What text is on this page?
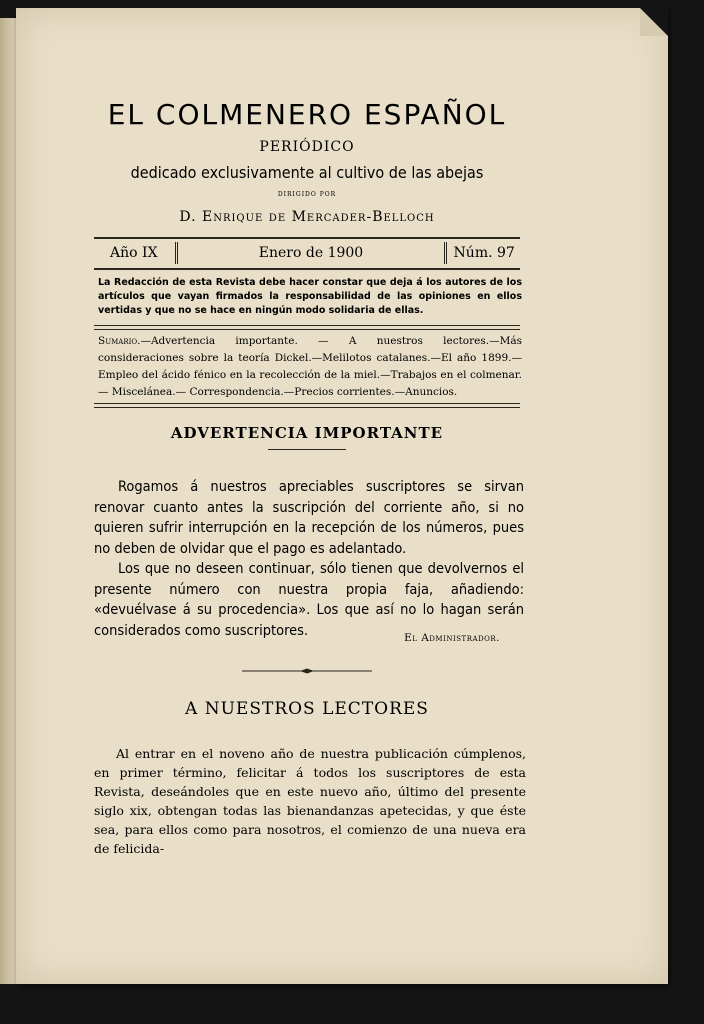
EL COLMENERO ESPAÑOL
PERIÓDICO
dedicado exclusivamente al cultivo de las abejas
DIRIGIDO POR
D. Enrique de Mercader-Belloch
Año IX	Enero de 1900	Núm. 97
La Redacción de esta Revista debe hacer constar que deja á los autores de los artículos que vayan firmados la responsabilidad de las opiniones en ellos vertidas y que no se hace en ningún modo solidaria de ellas.
Sumario.—Advertencia importante. — A nuestros lectores.—Más consideraciones sobre la teoría Dickel.—Melilotos catalanes.—El año 1899.—Empleo del ácido fénico en la recolección de la miel.—Trabajos en el colmenar.— Miscelánea.— Correspondencia.—Precios corrientes.—Anuncios.
ADVERTENCIA IMPORTANTE

Rogamos á nuestros apreciables suscriptores se sirvan renovar cuanto antes la suscripción del corriente año, si no quieren sufrir interrupción en la recepción de los números, pues no deben de olvidar que el pago es adelantado.

Los que no deseen continuar, sólo tienen que devolvernos el presente número con nuestra propia faja, añadiendo: «devuélvase á su procedencia». Los que así no lo hagan serán considerados como suscriptores.	El Administrador.
A NUESTROS LECTORES

Al entrar en el noveno año de nuestra publicación cúmplenos, en primer término, felicitar á todos los suscriptores de esta Revista, deseándoles que en este nuevo año, último del presente siglo xix, obtengan todas las bienandanzas apetecidas, y que éste sea, para ellos como para nosotros, el comienzo de una nueva era de felicida-
